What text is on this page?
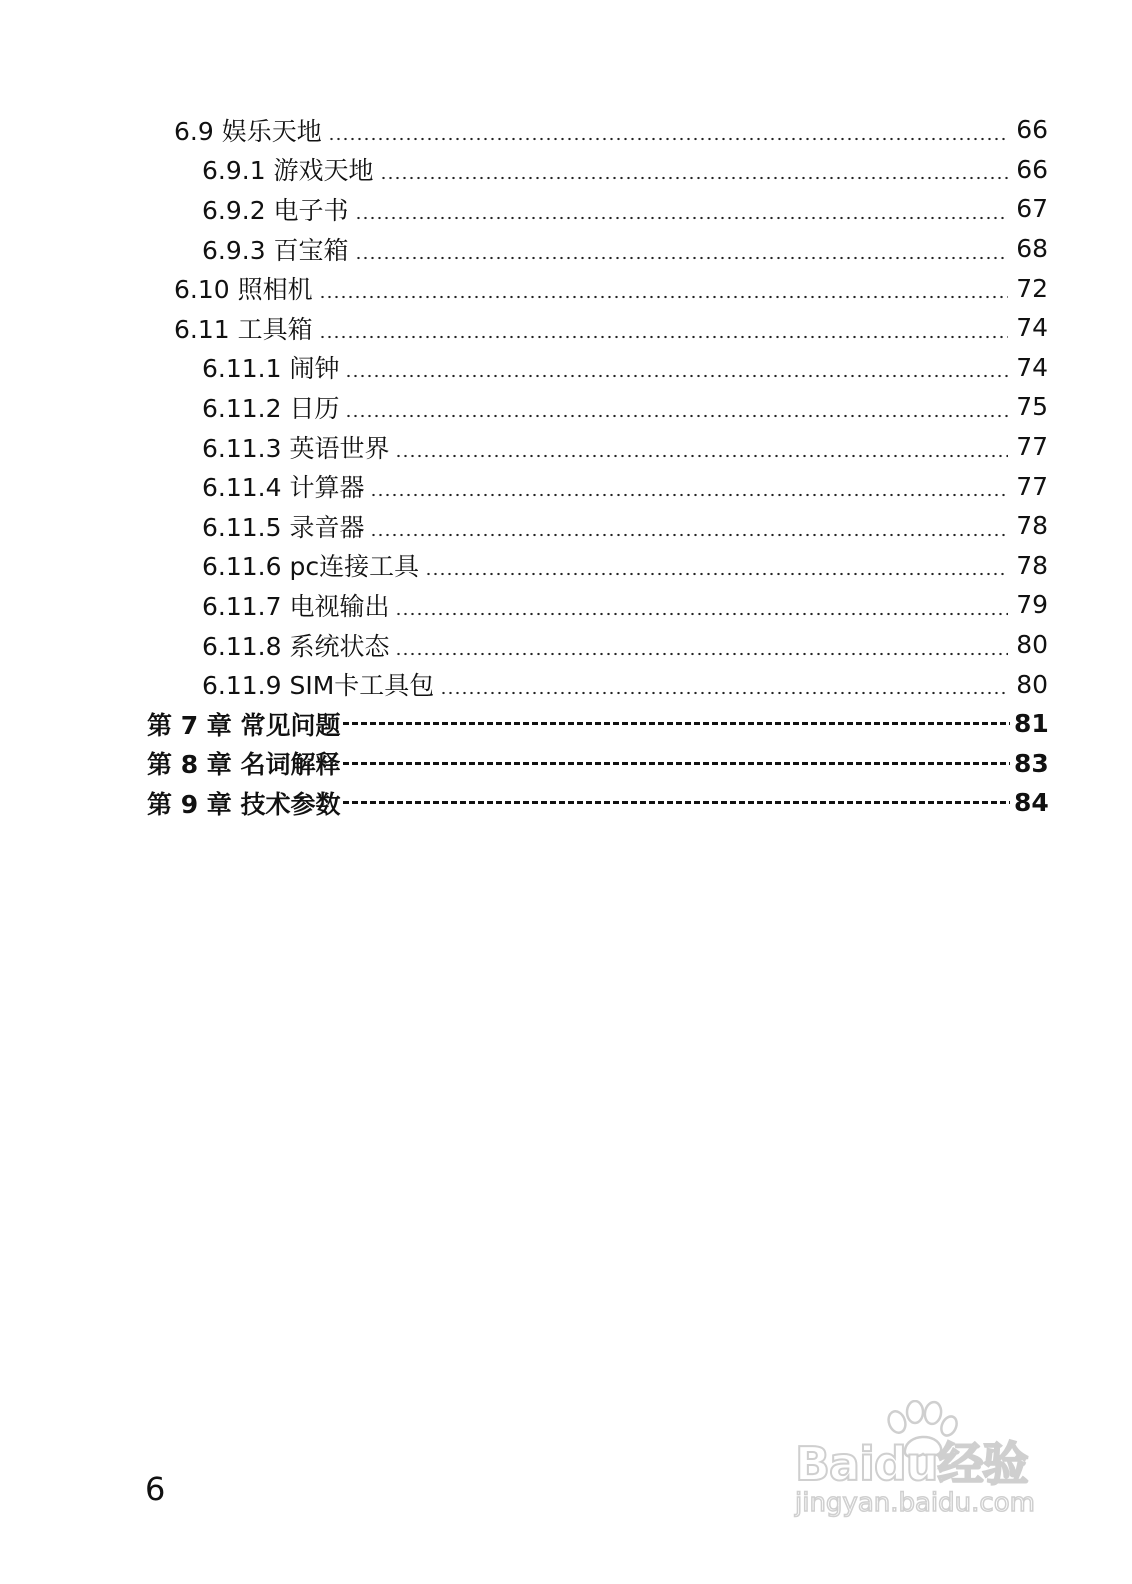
6.9 娱乐天地	66
6.9.1 游戏天地	66
6.9.2 电子书	67
6.9.3 百宝箱	68
6.10 照相机	72
6.11 工具箱	74
6.11.1 闹钟	74
6.11.2 日历	75
6.11.3 英语世界	77
6.11.4 计算器	77
6.11.5 录音器	78
6.11.6 pc连接工具	78
6.11.7 电视输出	79
6.11.8 系统状态	80
6.11.9 SIM卡工具包	80
第 7 章 常见问题	81
第 8 章 名词解释	83
第 9 章 技术参数	84
6	Baidu经验
jingyan.baidu.com
